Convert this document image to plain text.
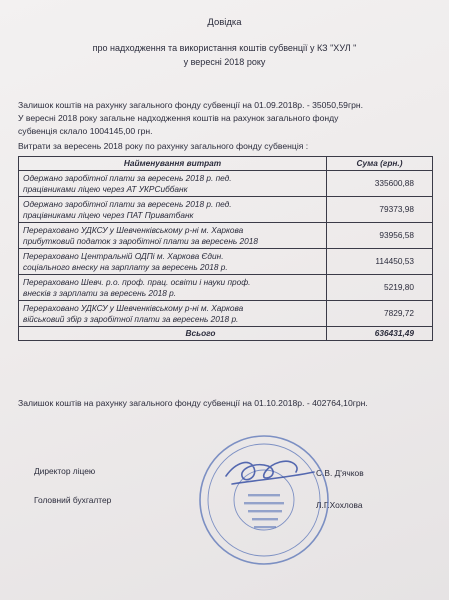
Довідка
про надходження та використання коштів субвенції у КЗ "ХУЛ "
у вересні 2018 року
Залишок коштів на рахунку загального фонду субвенції на 01.09.2018р. - 35050,59грн.
У вересні 2018 року загальне надходження коштів на рахунок загального фонду
субвенція склало 1004145,00 грн.
Витрати за вересень 2018 року по рахунку загального фонду субвенція :
Найменування витрат	Сума (грн.)

Одержано заробітної плати за вересень 2018 р. пед.
працівниками ліцею через АТ УКРСиббанк	335600,88

Одержано заробітної плати за вересень 2018 р. пед.
працівниками ліцею через ПАТ Приватбанк	79373,98

Перераховано УДКСУ у Шевченківському р-ні м. Харкова
прибутковий податок з заробітної плати за вересень 2018	93956,58

Перераховано Центральній ОДПі м. Харкова Єдин.
соціального внеску на зарплату за вересень 2018 р.	114450,53

Перераховано Шевч. р.о. проф. прац. освіти і науки проф.
внесків з зарплати за вересень 2018 р.	5219,80

Перераховано УДКСУ у Шевченківському р-ні м. Харкова
військовий збір з заробітної плати за вересень 2018 р.	7829,72
Всього	636431,49
Залишок коштів на рахунку загального фонду субвенції на 01.10.2018р. - 402764,10грн.
Директор ліцею	С.В. Д'ячков
Головний бухгалтер	Л.Г.Хохлова
